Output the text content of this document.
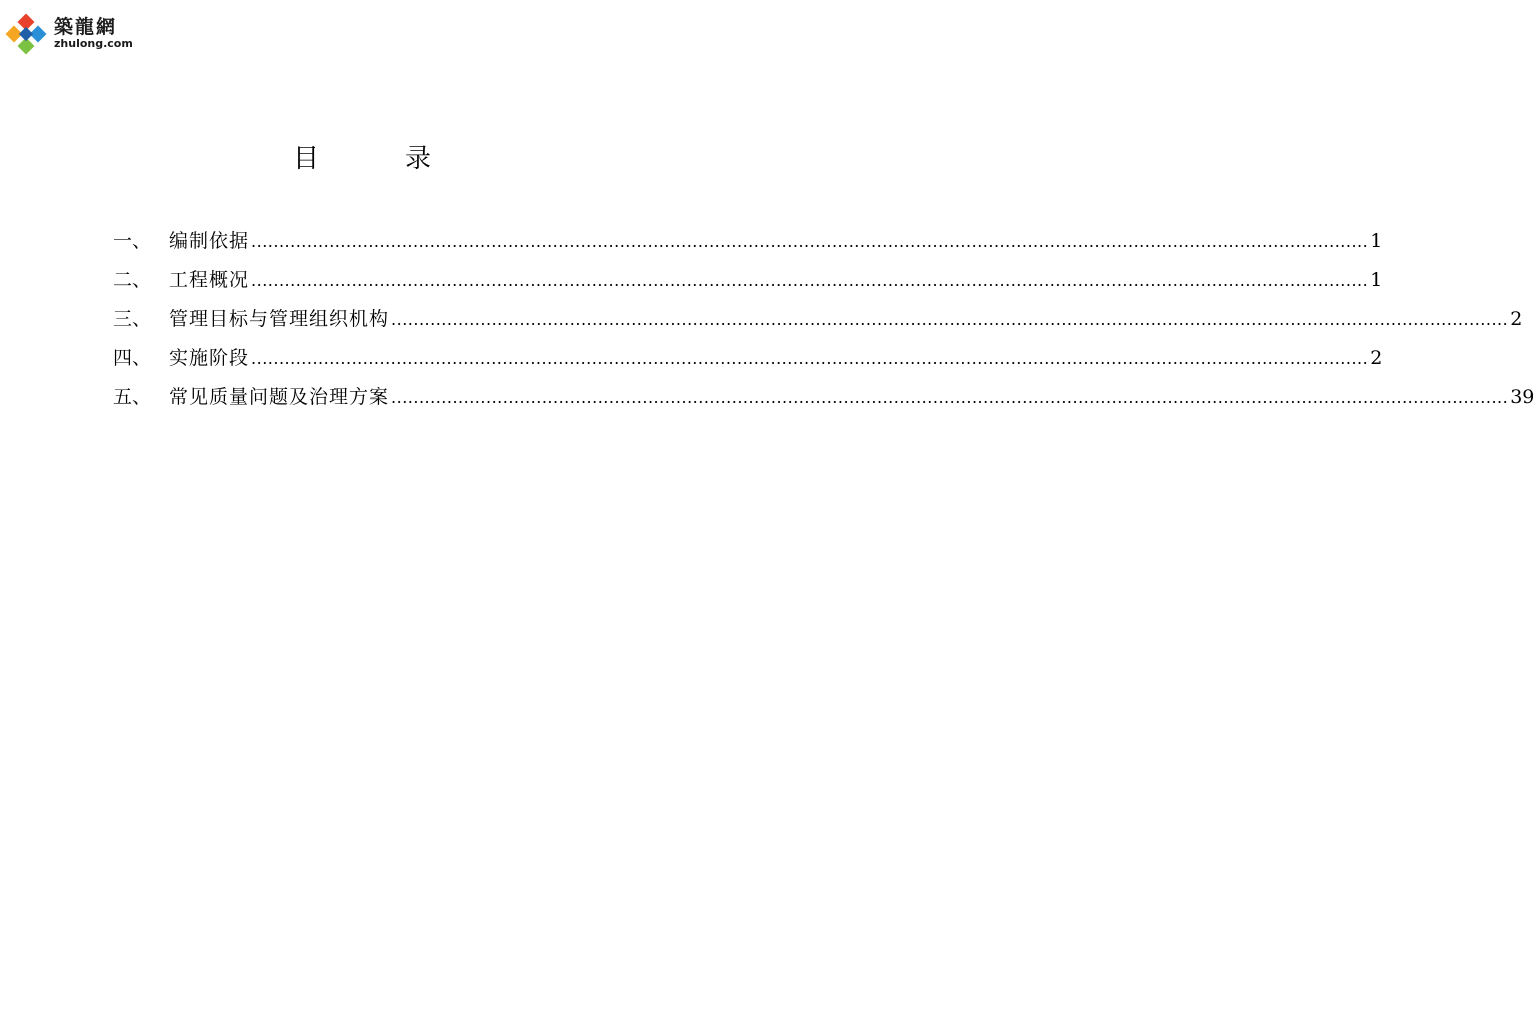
築龍網
zhulong.com
目	录
一、 编制依据 ........................................................................................................................................................................................................ 1
二、 工程概况 ........................................................................................................................................................................................................ 1
三、 管理目标与管理组织机构 ........................................................................................................................................................................................................ 2
四、 实施阶段 ........................................................................................................................................................................................................ 2
五、 常见质量问题及治理方案 ........................................................................................................................................................................................................ 39
